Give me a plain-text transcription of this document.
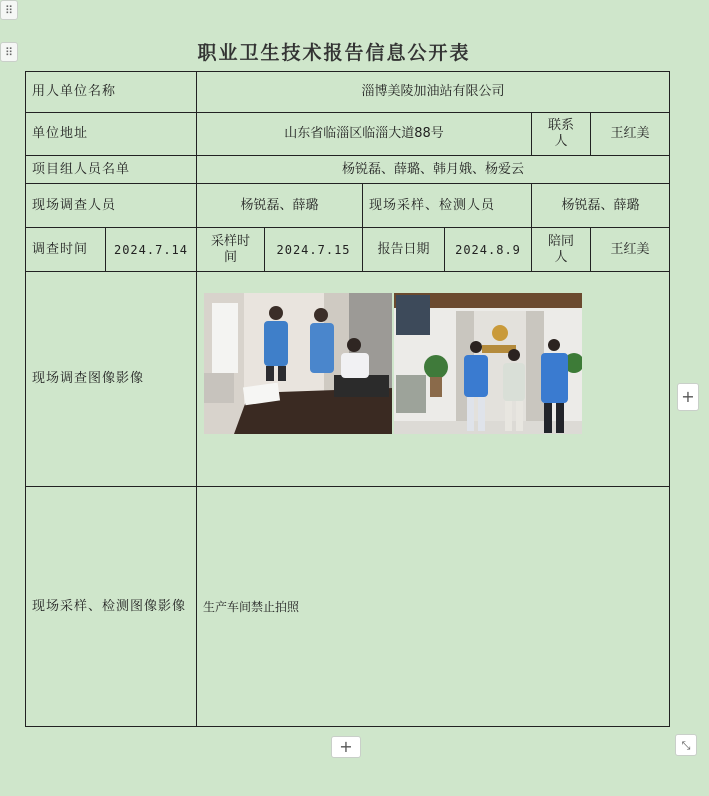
⠿
⠿	职业卫生技术报告信息公开表
用人单位名称		淄博美陵加油站有限公司					
单位地址		山东省临淄区临淄大道88号				联系人	王红美
项目组人员名单		杨锐磊、薛璐、韩月娥、杨爱云					
现场调查人员		杨锐磊、薛璐		现场采样、检测人员		杨锐磊、薛璐	
调查时间	2024.7.14	采样时间	2024.7.15	报告日期	2024.8.9	陪同人	王红美
现场调查图像影像	

现场采样、检测图像影像		生产车间禁止拍照					
+
+	⤡
